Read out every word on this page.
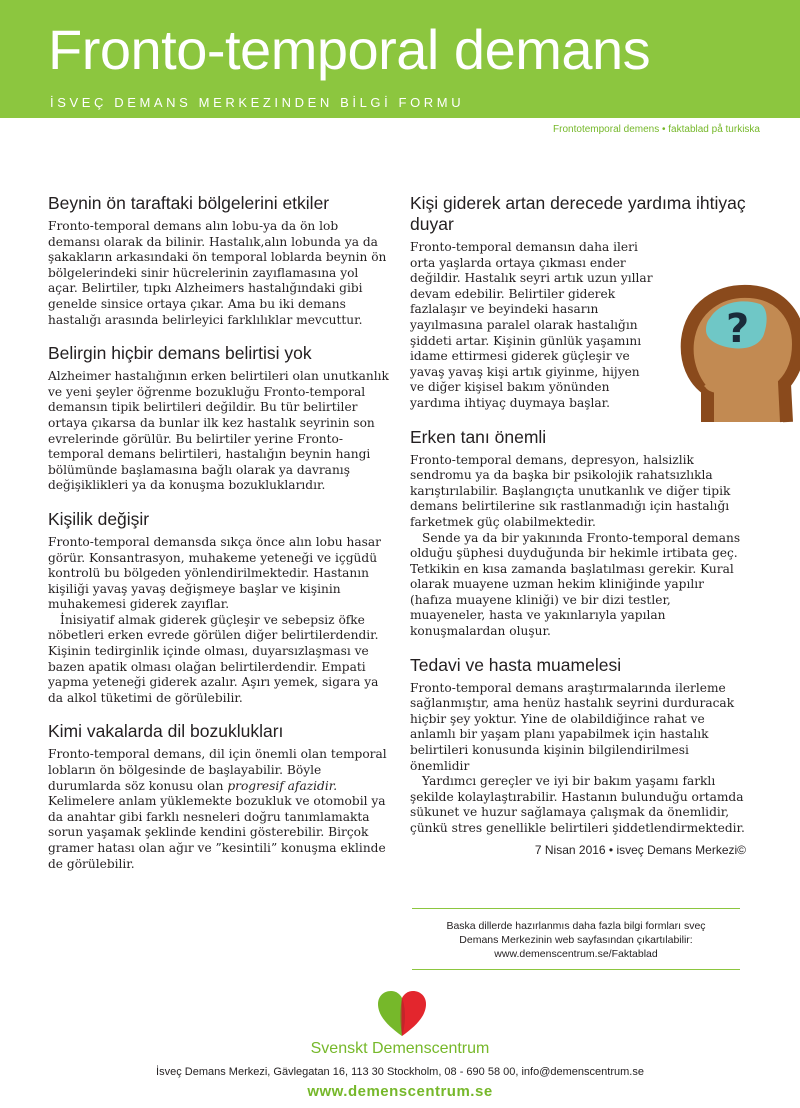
Fronto-temporal demans
İSVEÇ DEMANS MERKEZINDEN BİLGİ FORMU
Frontotemporal demens • faktablad på turkiska
Beynin ön taraftaki bölgelerini etkiler

Fronto-temporal demans alın lobu-ya da ön lob demansı olarak da bilinir. Hastalık,alın lobunda ya da şakakların arkasındaki ön temporal loblarda beynin ön bölgelerindeki sinir hücrelerinin zayıflamasına yol açar. Belirtiler, tıpkı Alzheimers hastalığındaki gibi genelde sinsice ortaya çıkar. Ama bu iki demans hastalığı arasında belirleyici farklılıklar mevcuttur.

Belirgin hiçbir demans belirtisi yok

Alzheimer hastalığının erken belirtileri olan unutkanlık ve yeni şeyler öğrenme bozukluğu Fronto-temporal demansın tipik belirtileri değildir. Bu tür belirtiler ortaya çıkarsa da bunlar ilk kez hastalık seyrinin son evrelerinde görülür. Bu belirtiler yerine Fronto-temporal demans belirtileri, hastalığın beynin hangi bölümünde başlamasına bağlı olarak ya davranış değişiklikleri ya da konuşma bozukluklarıdır.

Kişilik değişir

Fronto-temporal demansda sıkça önce alın lobu hasar görür. Konsantrasyon, muhakeme yeteneği ve içgüdü kontrolü bu bölgeden yönlendirilmektedir. Hastanın kişiliği yavaş yavaş değişmeye başlar ve kişinin muhakemesi giderek zayıflar.

İnisiyatif almak giderek güçleşir ve sebepsiz öfke nöbetleri erken evrede görülen diğer belirtilerdendir. Kişinin tedirginlik içinde olması, duyarsızlaşması ve bazen apatik olması olağan belirtilerdendir. Empati yapma yeteneği giderek azalır. Aşırı yemek, sigara ya da alkol tüketimi de görülebilir.

Kimi vakalarda dil bozuklukları

Fronto-temporal demans, dil için önemli olan temporal lobların ön bölgesinde de başlayabilir. Böyle durumlarda söz konusu olan progresif afazidir. Kelimelere anlam yüklemekte bozukluk ve otomobil ya da anahtar gibi farklı nesneleri doğru tanımlamakta sorun yaşamak şeklinde kendini gösterebilir. Birçok gramer hatası olan ağır ve ”kesintili” konuşma eklinde de görülebilir.

Kişi giderek artan derecede yardıma ihtiyaç duyar
?

Fronto-temporal demansın daha ileri orta yaşlarda ortaya çıkması ender değildir. Hastalık seyri artık uzun yıllar devam edebilir. Belirtiler giderek fazlalaşır ve beyindeki hasarın yayılmasına paralel olarak hastalığın şiddeti artar. Kişinin günlük yaşamını idame ettirmesi giderek güçleşir ve yavaş yavaş kişi artık giyinme, hijyen ve diğer kişisel bakım yönünden yardıma ihtiyaç duymaya başlar.

Erken tanı önemli

Fronto-temporal demans, depresyon, halsizlik sendromu ya da başka bir psikolojik rahatsızlıkla karıştırılabilir. Başlangıçta unutkanlık ve diğer tipik demans belirtilerine sık rastlanmadığı için hastalığı farketmek güç olabilmektedir.

Sende ya da bir yakınında Fronto-temporal demans olduğu şüphesi duyduğunda bir hekimle irtibata geç. Tetkikin en kısa zamanda başlatılması gerekir. Kural olarak muayene uzman hekim kliniğinde yapılır (hafıza muayene kliniği) ve bir dizi testler, muayeneler, hasta ve yakınlarıyla yapılan konuşmalardan oluşur.

Tedavi ve hasta muamelesi

Fronto-temporal demans araştırmalarında ilerleme sağlanmıştır, ama henüz hastalık seyrini durduracak hiçbir şey yoktur. Yine de olabildiğince rahat ve anlamlı bir yaşam planı yapabilmek için hastalık belirtileri konusunda kişinin bilgilendirilmesi önemlidir

Yardımcı gereçler ve iyi bir bakım yaşamı farklı şekilde kolaylaştırabilir. Hastanın bulunduğu ortamda sükunet ve huzur sağlamaya çalışmak da önemlidir, çünkü stres genellikle belirtileri şiddetlendirmektedir.

7 Nisan 2016 • isveç Demans Merkezi©
Baska dillerde hazırlanmıs daha fazla bilgi formları sveç
Demans Merkezinin web sayfasından çıkartılabilir:
www.demenscentrum.se/Faktablad
Svenskt Demenscentrum
İsveç Demans Merkezi, Gävlegatan 16, 113 30 Stockholm, 08 - 690 58 00, info@demenscentrum.se
www.demenscentrum.se
